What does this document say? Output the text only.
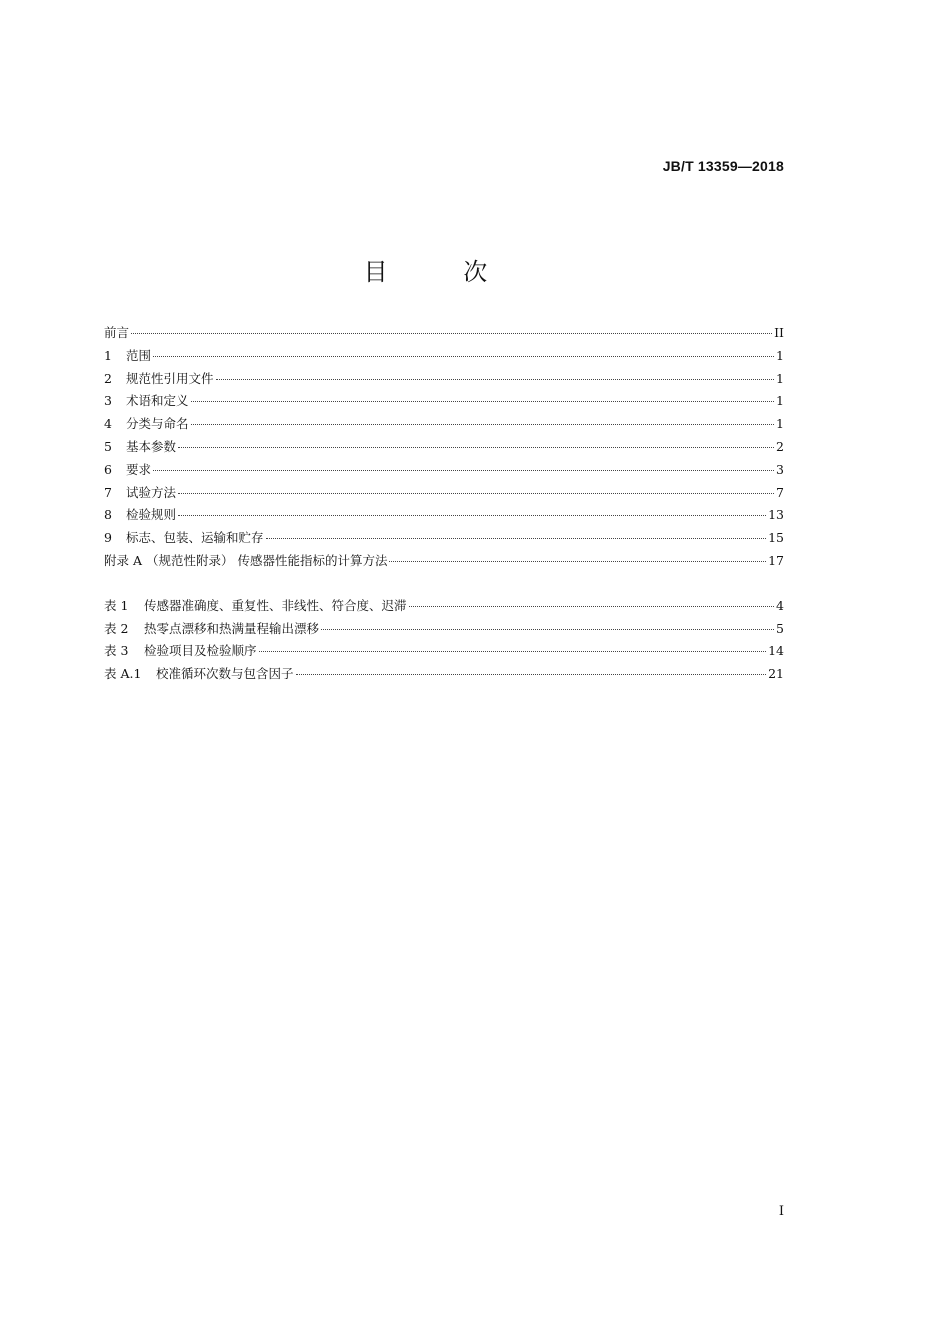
JB/T 13359—2018
目 次
前言	II
1	范围	1
2	规范性引用文件	1
3	术语和定义	1
4	分类与命名	1
5	基本参数	2
6	要求	3
7	试验方法	7
8	检验规则	13
9	标志、包装、运输和贮存	15
附录 A （规范性附录） 传感器性能指标的计算方法	17
表 1	传感器准确度、重复性、非线性、符合度、迟滞	4
表 2	热零点漂移和热满量程输出漂移	5
表 3	检验项目及检验顺序	14
表 A.1	校准循环次数与包含因子	21
I
